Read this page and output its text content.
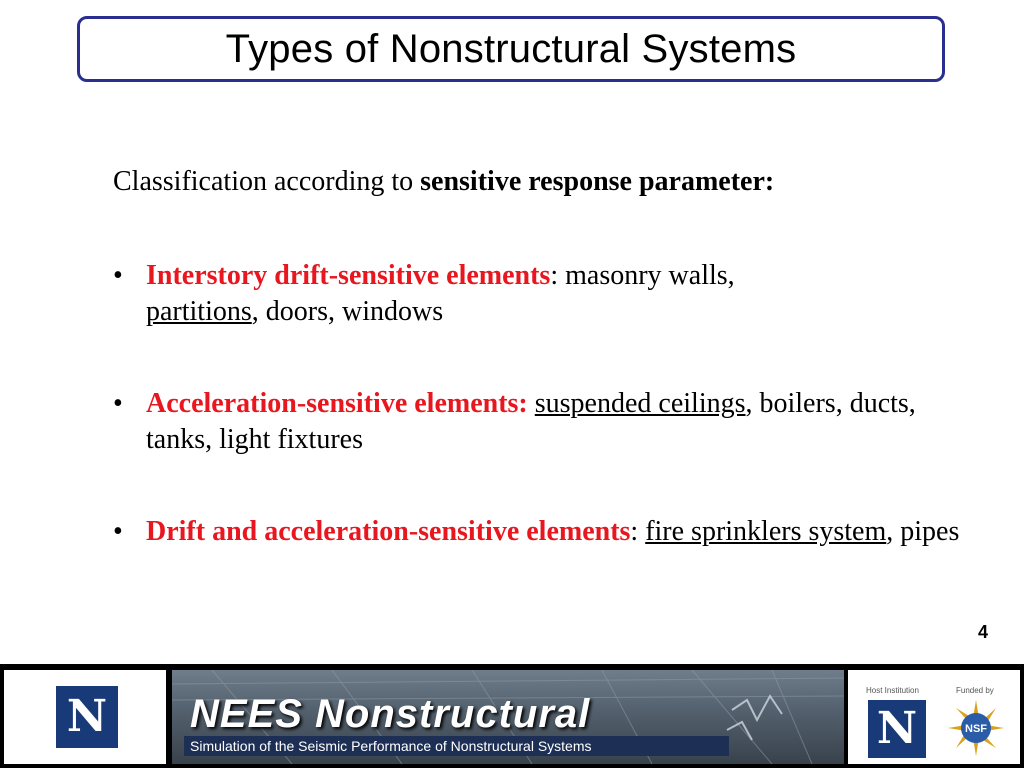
Types of Nonstructural Systems
Classification according to sensitive response parameter:
• Interstory drift-sensitive elements: masonry walls,
partitions, doors, windows
• Acceleration-sensitive elements: suspended ceilings, boilers, ducts, tanks, light fixtures
• Drift and acceleration-sensitive elements: fire sprinklers system, pipes
4
N NEES Nonstructural
Simulation of the Seismic Performance of Nonstructural Systems
Host Institution	Funded by
N	NSF
